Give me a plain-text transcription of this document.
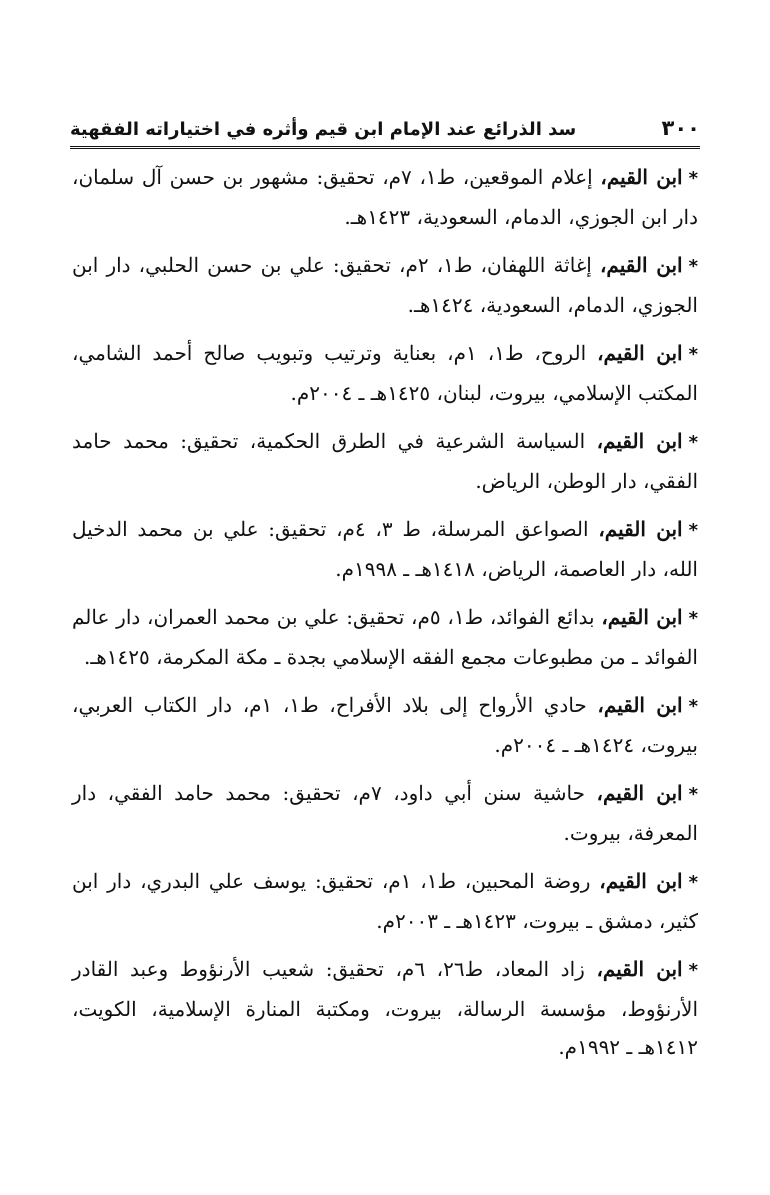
٣٠٠
سد الذرائع عند الإمام ابن قيم وأثره في اختياراته الفقهية

*ابن القيم، إعلام الموقعين، ط١، ٧م، تحقيق: مشهور بن حسن آل سلمان، دار ابن الجوزي، الدمام، السعودية، ١٤٢٣هـ.

*ابن القيم، إغاثة اللهفان، ط١، ٢م، تحقيق: علي بن حسن الحلبي، دار ابن الجوزي، الدمام، السعودية، ١٤٢٤هـ.

*ابن القيم، الروح، ط١، ١م، بعناية وترتيب وتبويب صالح أحمد الشامي، المكتب الإسلامي، بيروت، لبنان، ١٤٢٥هـ ـ ٢٠٠٤م.

*ابن القيم، السياسة الشرعية في الطرق الحكمية، تحقيق: محمد حامد الفقي، دار الوطن، الرياض.

*ابن القيم، الصواعق المرسلة، ط ٣، ٤م، تحقيق: علي بن محمد الدخيل الله، دار العاصمة، الرياض، ١٤١٨هـ ـ ١٩٩٨م.

*ابن القيم، بدائع الفوائد، ط١، ٥م، تحقيق: علي بن محمد العمران، دار عالم الفوائد ـ من مطبوعات مجمع الفقه الإسلامي بجدة ـ مكة المكرمة، ١٤٢٥هـ.

*ابن القيم، حادي الأرواح إلى بلاد الأفراح، ط١، ١م، دار الكتاب العربي، بيروت، ١٤٢٤هـ ـ ٢٠٠٤م.

*ابن القيم، حاشية سنن أبي داود، ٧م، تحقيق: محمد حامد الفقي، دار المعرفة، بيروت.

*ابن القيم، روضة المحبين، ط١، ١م، تحقيق: يوسف علي البدري، دار ابن كثير، دمشق ـ بيروت، ١٤٢٣هـ ـ ٢٠٠٣م.

*ابن القيم، زاد المعاد، ط٢٦، ٦م، تحقيق: شعيب الأرنؤوط وعبد القادر الأرنؤوط، مؤسسة الرسالة، بيروت، ومكتبة المنارة الإسلامية، الكويت، ١٤١٢هـ ـ ١٩٩٢م.
